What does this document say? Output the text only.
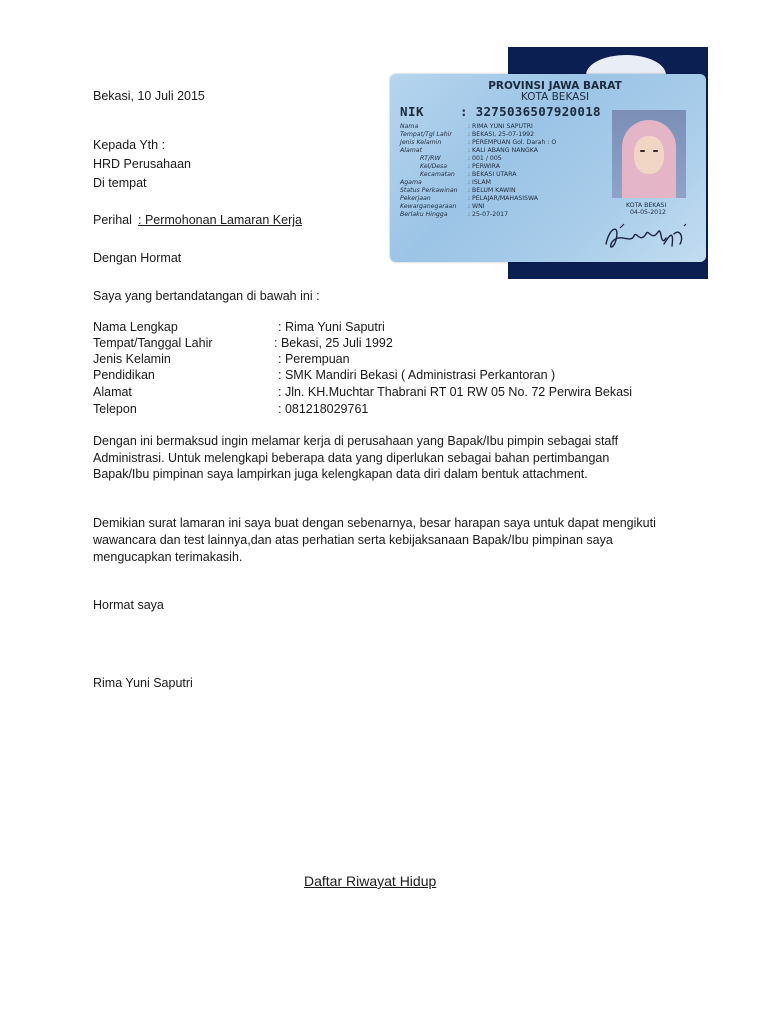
Bekasi, 10 Juli 2015
Kepada Yth :
HRD Perusahaan
Di tempat
Perihal : Permohonan Lamaran Kerja
Dengan Hormat
Saya yang bertandatangan di bawah ini :
Nama Lengkap	: Rima Yuni Saputri
Tempat/Tanggal Lahir	: Bekasi, 25 Juli 1992
Jenis Kelamin	: Perempuan
Pendidikan	: SMK Mandiri Bekasi ( Administrasi Perkantoran )
Alamat	: Jln. KH.Muchtar Thabrani RT 01 RW 05 No. 72 Perwira Bekasi
Telepon	: 081218029761
Dengan ini bermaksud ingin melamar kerja di perusahaan yang Bapak/Ibu pimpin sebagai staff
Administrasi. Untuk melengkapi beberapa data yang diperlukan sebagai bahan pertimbangan
Bapak/Ibu pimpinan saya lampirkan juga kelengkapan data diri dalam bentuk attachment.
Demikian surat lamaran ini saya buat dengan sebenarnya, besar harapan saya untuk dapat mengikuti
wawancara dan test lainnya,dan atas perhatian serta kebijaksanaan Bapak/Ibu pimpinan saya
mengucapkan terimakasih.
Hormat saya
Rima Yuni Saputri
Daftar Riwayat Hidup
PROVINSI JAWA BARAT
KOTA BEKASI
NIK	: 3275036507920018
Nama	: RIMA YUNI SAPUTRI
Tempat/Tgl Lahir	: BEKASI, 25-07-1992
Jenis Kelamin	: PEREMPUAN Gol. Darah : O
Alamat	: KALI ABANG NANGKA
RT/RW	: 001 / 005
Kel/Desa	: PERWIRA
Kecamatan : BEKASI UTARA
Agama	: ISLAM
Status Perkawinan : BELUM KAWIN
Pekerjaan	: PELAJAR/MAHASISWA
Kewarganegaraan : WNI
Berlaku Hingga	: 25-07-2017
KOTA BEKASI
04-05-2012
